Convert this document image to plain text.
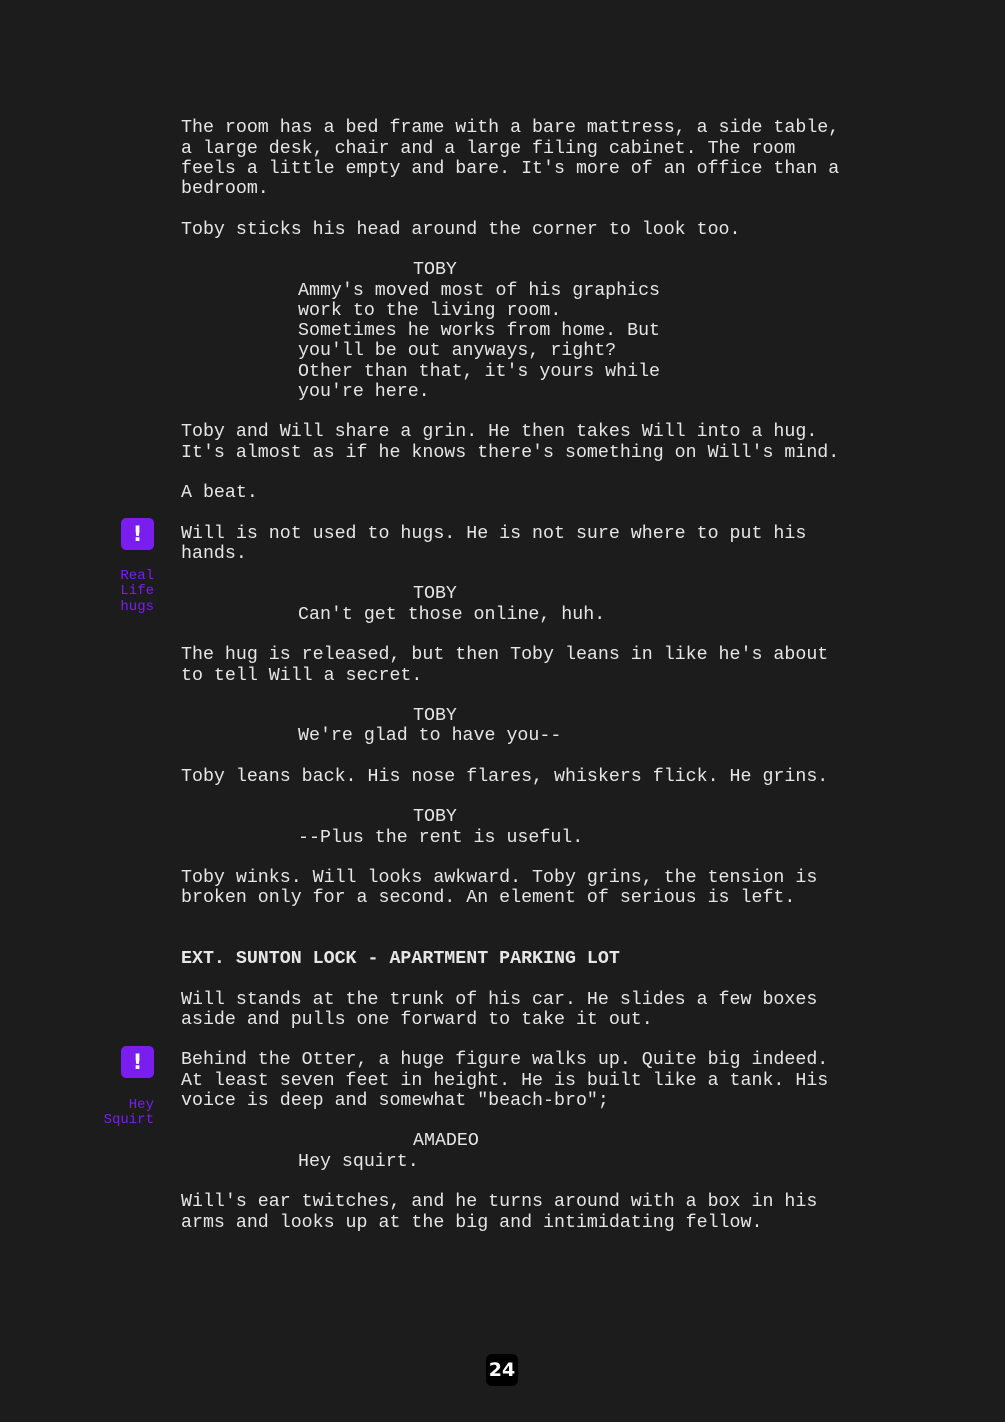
The room has a bed frame with a bare mattress, a side table,

a large desk, chair and a large filing cabinet. The room

feels a little empty and bare. It's more of an office than a

bedroom.

Toby sticks his head around the corner to look too.

TOBY

Ammy's moved most of his graphics

work to the living room.

Sometimes he works from home. But

you'll be out anyways, right?

Other than that, it's yours while

you're here.

Toby and Will share a grin. He then takes Will into a hug.

It's almost as if he knows there's something on Will's mind.

A beat.

!

Real

Life

hugs

Will is not used to hugs. He is not sure where to put his

hands.

TOBY

Can't get those online, huh.

The hug is released, but then Toby leans in like he's about

to tell Will a secret.

TOBY

We're glad to have you--

Toby leans back. His nose flares, whiskers flick. He grins.

TOBY

--Plus the rent is useful.

Toby winks. Will looks awkward. Toby grins, the tension is

broken only for a second. An element of serious is left.

EXT. SUNTON LOCK - APARTMENT PARKING LOT

Will stands at the trunk of his car. He slides a few boxes

aside and pulls one forward to take it out.

!

Hey

Squirt

Behind the Otter, a huge figure walks up. Quite big indeed.

At least seven feet in height. He is built like a tank. His

voice is deep and somewhat "beach-bro";

AMADEO

Hey squirt.

Will's ear twitches, and he turns around with a box in his

arms and looks up at the big and intimidating fellow.

24
